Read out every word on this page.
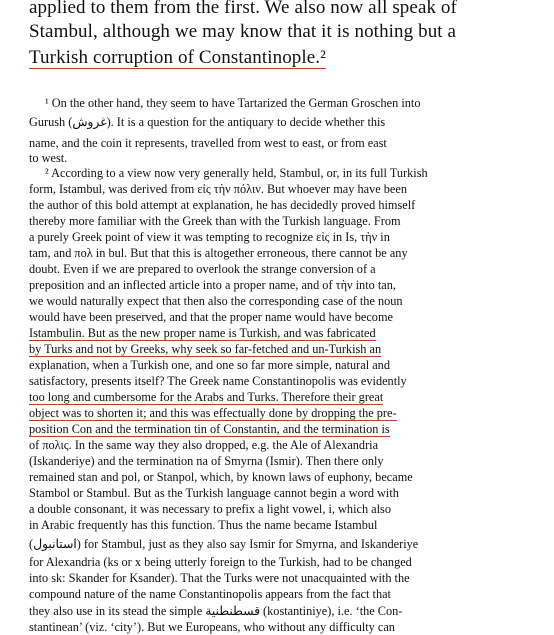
applied to them from the first. We also now all speak of
Stambul, although we may know that it is nothing but a
Turkish corruption of Constantinople.²
¹ On the other hand, they seem to have Tartarized the German Groschen into
Gurush (غروش). It is a question for the antiquary to decide whether this
name, and the coin it represents, travelled from west to east, or from east
to west.
² According to a view now very generally held, Stambul, or, in its full Turkish
form, Istambul, was derived from εἰς τὴν πόλιν. But whoever may have been
the author of this bold attempt at explanation, he has decidedly proved himself
thereby more familiar with the Greek than with the Turkish language. From
a purely Greek point of view it was tempting to recognize εἰς in Is, τὴν in
tam, and πολ in bul. But that this is altogether erroneous, there cannot be any
doubt. Even if we are prepared to overlook the strange conversion of a
preposition and an inflected article into a proper name, and of τὴν into tan,
we would naturally expect that then also the corresponding case of the noun
would have been preserved, and that the proper name would have become
Istambulin. But as the new proper name is Turkish, and was fabricated
by Turks and not by Greeks, why seek so far-fetched and un-Turkish an
explanation, when a Turkish one, and one so far more simple, natural and
satisfactory, presents itself? The Greek name Constantinopolis was evidently
too long and cumbersome for the Arabs and Turks. Therefore their great
object was to shorten it; and this was effectually done by dropping the pre-
position Con and the termination tin of Constantin, and the termination is
of πολις. In the same way they also dropped, e.g. the Ale of Alexandria
(Iskanderiye) and the termination na of Smyrna (Ismir). Then there only
remained stan and pol, or Stanpol, which, by known laws of euphony, became
Stambol or Stambul. But as the Turkish language cannot begin a word with
a double consonant, it was necessary to prefix a light vowel, i, which also
in Arabic frequently has this function. Thus the name became Istambul
(استانبول) for Stambul, just as they also say Ismir for Smyrna, and Iskanderiye
for Alexandria (ks or x being utterly foreign to the Turkish, had to be changed
into sk: Skander for Ksander). That the Turks were not unacquainted with the
compound nature of the name Constantinopolis appears from the fact that
they also use in its stead the simple قسطنطنية (kostantiniye), i.e. ‘the Con-
stantinean’ (viz. ‘city’). But we Europeans, who without any difficulty can
